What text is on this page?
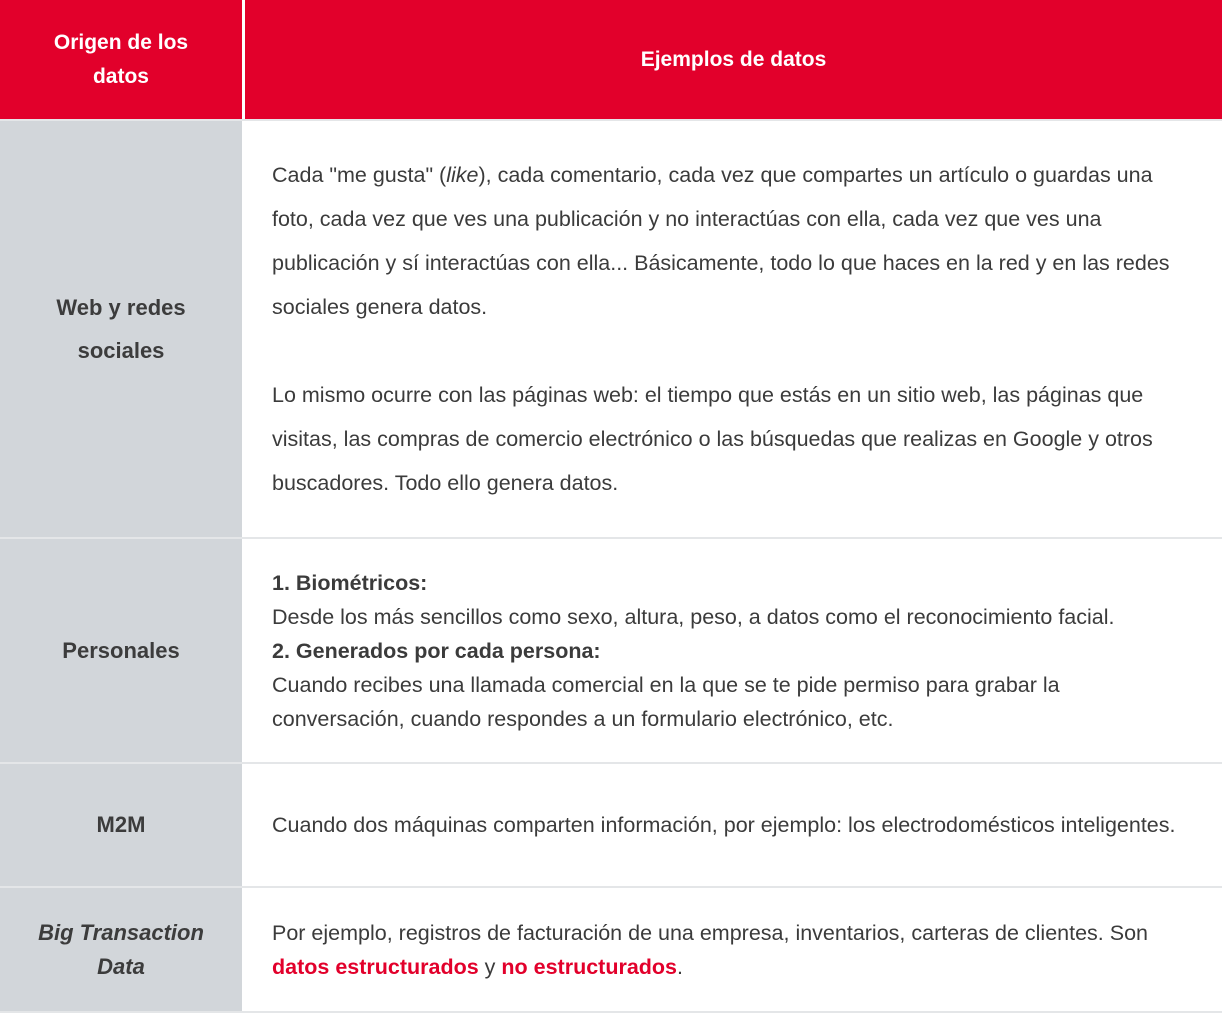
Origen de los datos
Ejemplos de datos
Web y redes sociales

Cada "me gusta" (like), cada comentario, cada vez que compartes un artículo o guardas una foto, cada vez que ves una publicación y no interactúas con ella, cada vez que ves una publicación y sí interactúas con ella... Básicamente, todo lo que haces en la red y en las redes sociales genera datos.

Lo mismo ocurre con las páginas web: el tiempo que estás en un sitio web, las páginas que visitas, las compras de comercio electrónico o las búsquedas que realizas en Google y otros buscadores. Todo ello genera datos.

Personales

1. Biométricos:

Desde los más sencillos como sexo, altura, peso, a datos como el reconocimiento facial.

2. Generados por cada persona:

Cuando recibes una llamada comercial en la que se te pide permiso para grabar la conversación, cuando respondes a un formulario electrónico, etc.

M2M	Cuando dos máquinas comparten información, por ejemplo: los electrodomésticos inteligentes.

Big Transaction Data

Por ejemplo, registros de facturación de una empresa, inventarios, carteras de clientes. Son datos estructurados y no estructurados.
